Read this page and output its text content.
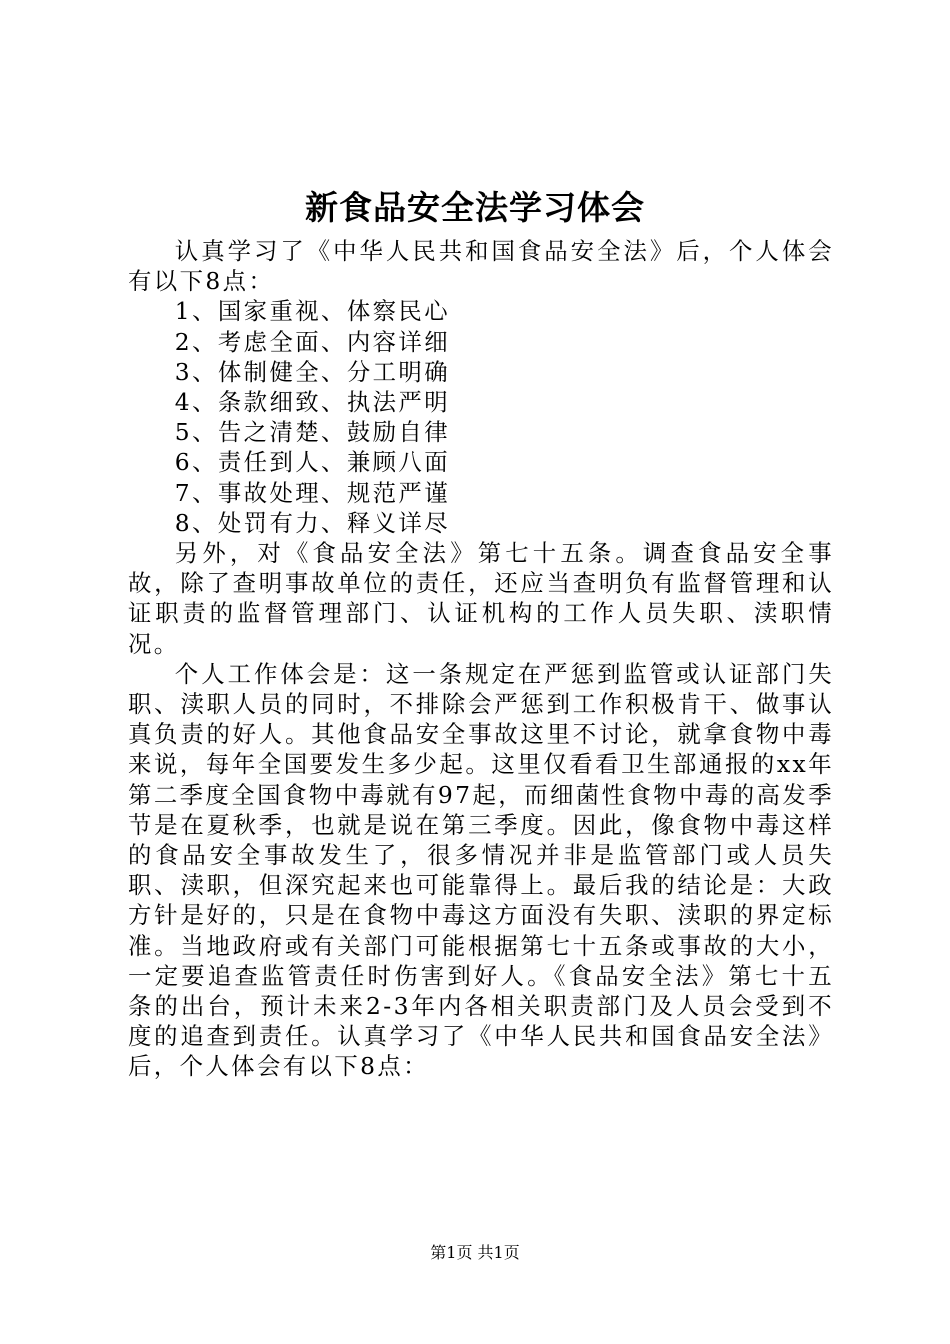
新食品安全法学习体会

认真学习了《中华人民共和国食品安全法》后，个人体会有以下8点：

1、国家重视、体察民心
2、考虑全面、内容详细
3、体制健全、分工明确
4、条款细致、执法严明
5、告之清楚、鼓励自律
6、责任到人、兼顾八面
7、事故处理、规范严谨
8、处罚有力、释义详尽

另外，对《食品安全法》第七十五条。调查食品安全事故，除了查明事故单位的责任，还应当查明负有监督管理和认证职责的监督管理部门、认证机构的工作人员失职、渎职情况。

个人工作体会是：这一条规定在严惩到监管或认证部门失职、渎职人员的同时，不排除会严惩到工作积极肯干、做事认真负责的好人。其他食品安全事故这里不讨论，就拿食物中毒来说，每年全国要发生多少起。这里仅看看卫生部通报的xx年第二季度全国食物中毒就有97起，而细菌性食物中毒的高发季节是在夏秋季，也就是说在第三季度。因此，像食物中毒这样的食品安全事故发生了，很多情况并非是监管部门或人员失职、渎职，但深究起来也可能靠得上。最后我的结论是：大政方针是好的，只是在食物中毒这方面没有失职、渎职的界定标准。当地政府或有关部门可能根据第七十五条或事故的大小，一定要追查监管责任时伤害到好人。《食品安全法》第七十五条的出台，预计未来2-3年内各相关职责部门及人员会受到不度的追查到责任。认真学习了《中华人民共和国食品安全法》后，个人体会有以下8点：

第1页 共1页
